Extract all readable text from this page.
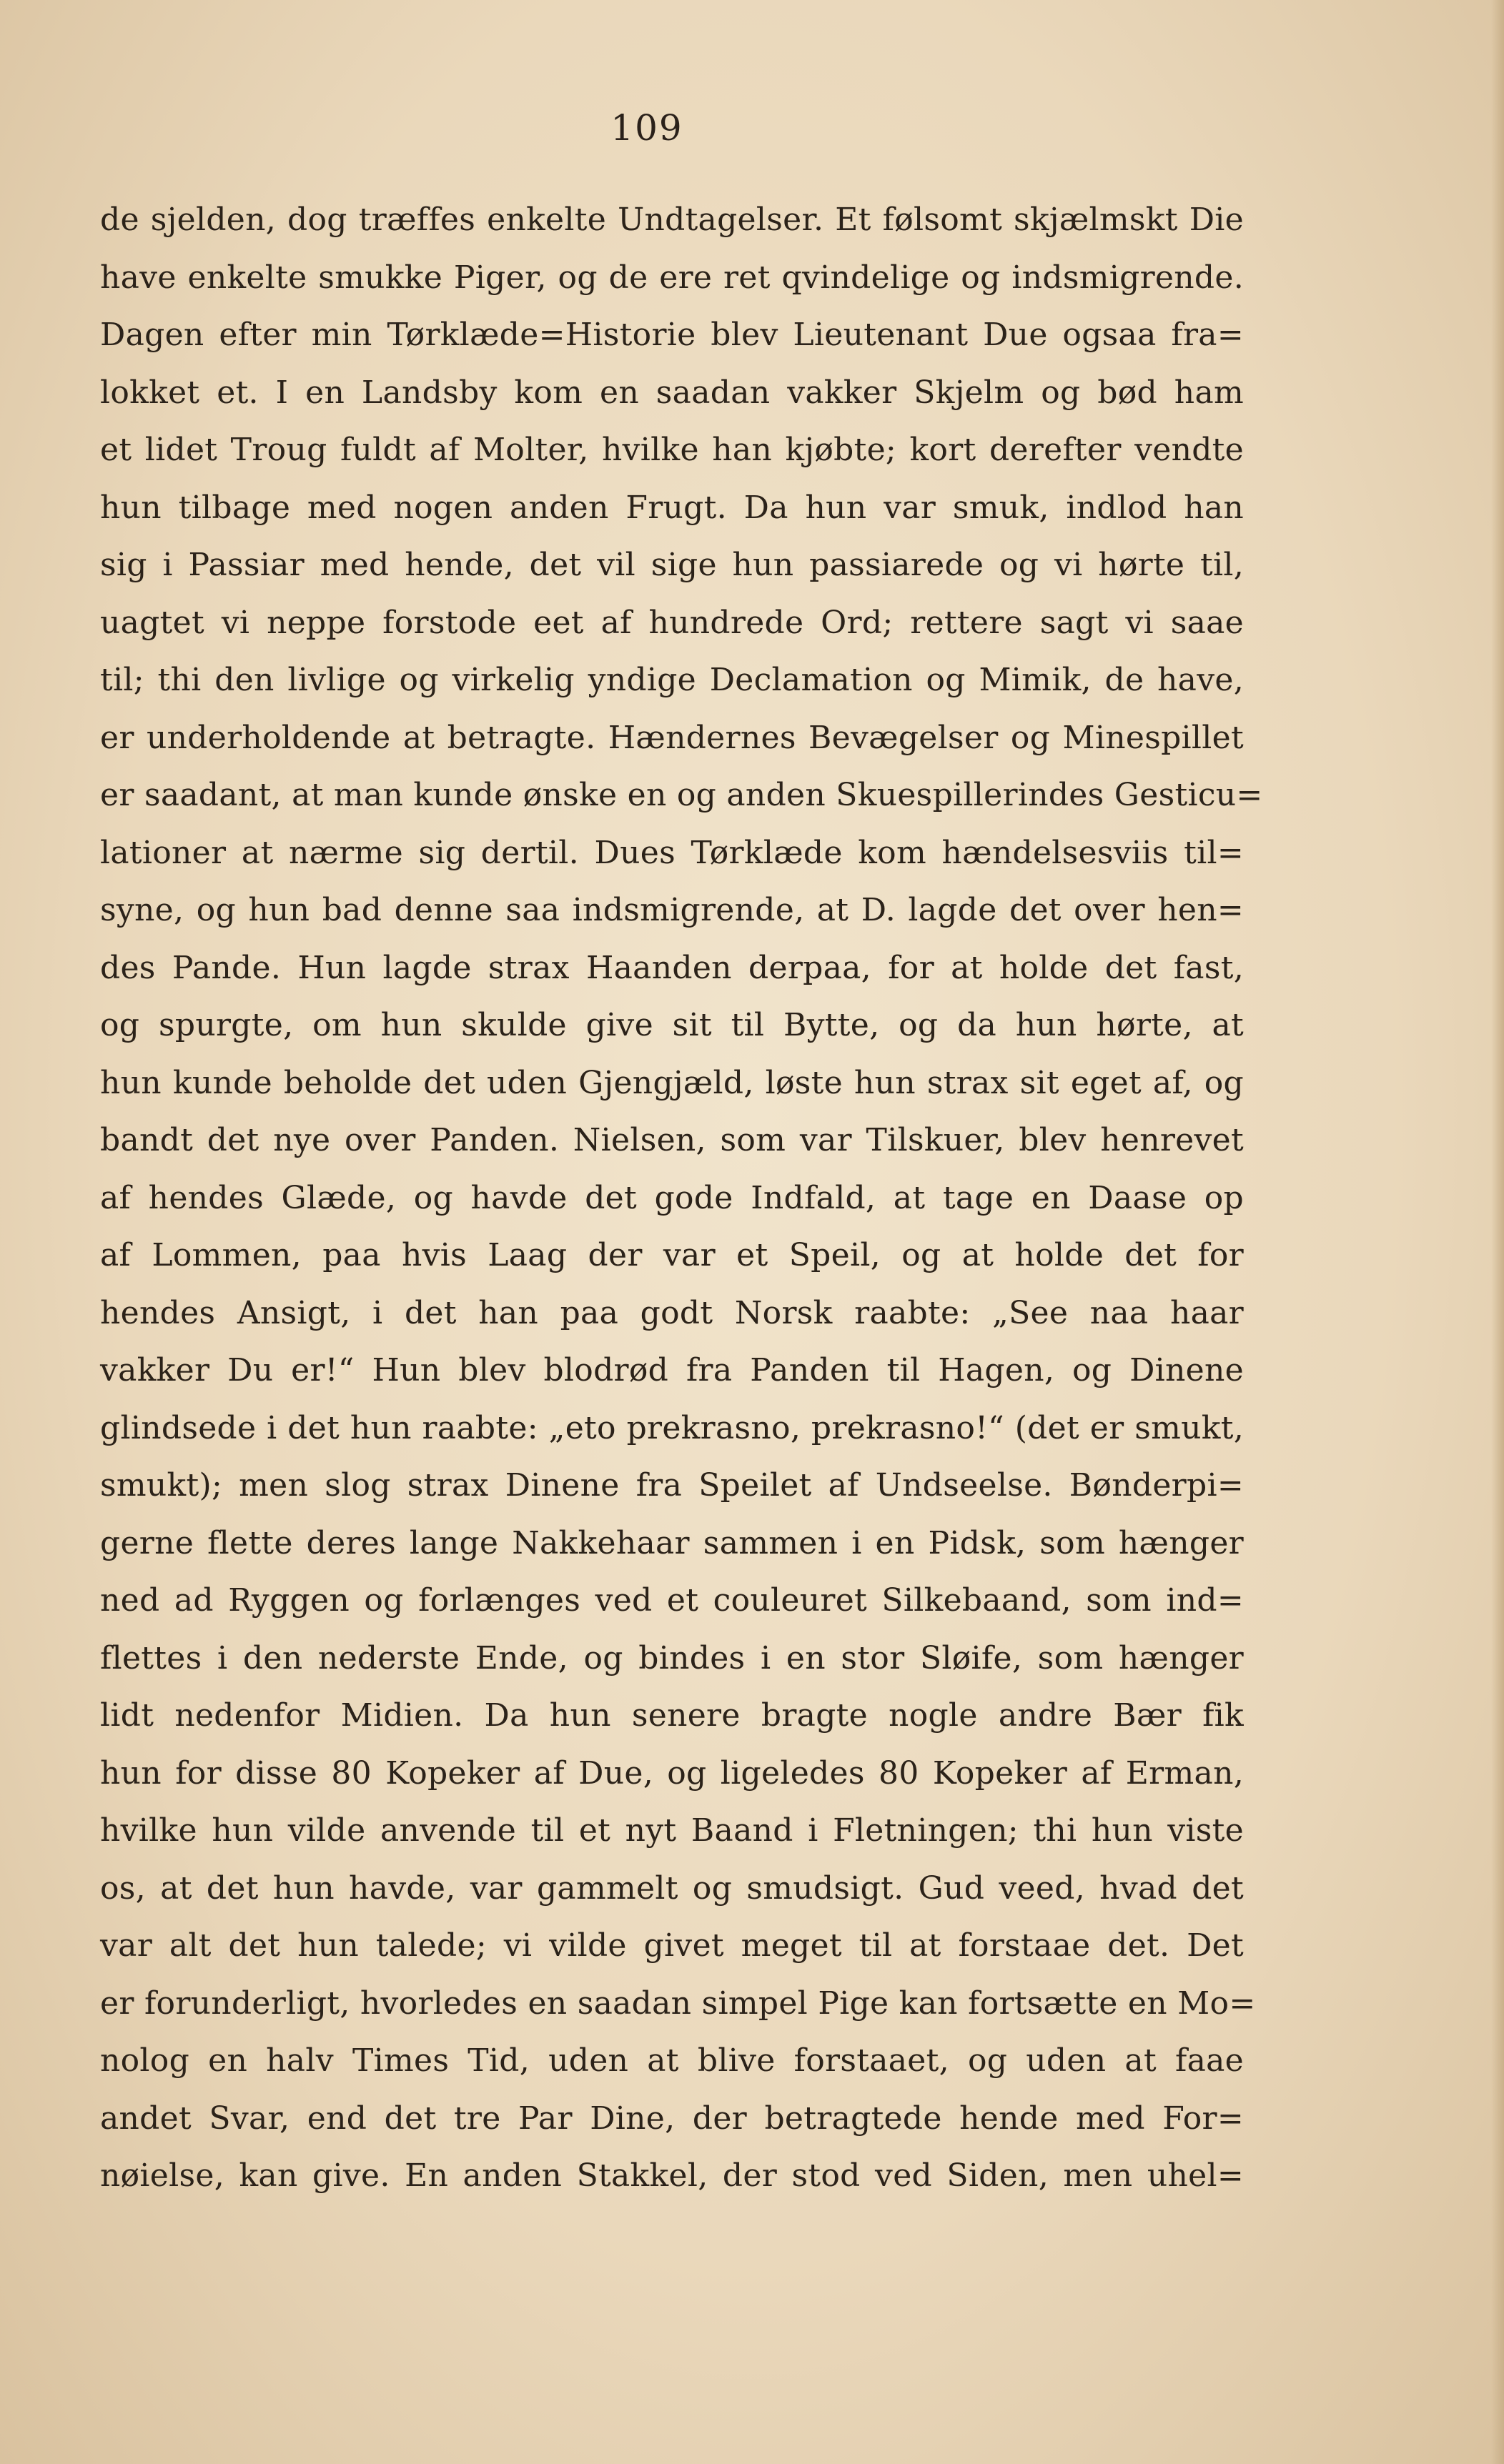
109
de sjelden, dog træffes enkelte Undtagelser. Et følsomt skjælmskt Die
have enkelte smukke Piger, og de ere ret qvindelige og indsmigrende.
Dagen efter min Tørklæde=Historie blev Lieutenant Due ogsaa fra=
lokket et. I en Landsby kom en saadan vakker Skjelm og bød ham
et lidet Troug fuldt af Molter, hvilke han kjøbte; kort derefter vendte
hun tilbage med nogen anden Frugt. Da hun var smuk, indlod han
sig i Passiar med hende, det vil sige hun passiarede og vi hørte til,
uagtet vi neppe forstode eet af hundrede Ord; rettere sagt vi saae
til; thi den livlige og virkelig yndige Declamation og Mimik, de have,
er underholdende at betragte. Hændernes Bevægelser og Minespillet
er saadant, at man kunde ønske en og anden Skuespillerindes Gesticu=
lationer at nærme sig dertil. Dues Tørklæde kom hændelsesviis til=
syne, og hun bad denne saa indsmigrende, at D. lagde det over hen=
des Pande. Hun lagde strax Haanden derpaa, for at holde det fast,
og spurgte, om hun skulde give sit til Bytte, og da hun hørte, at
hun kunde beholde det uden Gjengjæld, løste hun strax sit eget af, og
bandt det nye over Panden. Nielsen, som var Tilskuer, blev henrevet
af hendes Glæde, og havde det gode Indfald, at tage en Daase op
af Lommen, paa hvis Laag der var et Speil, og at holde det for
hendes Ansigt, i det han paa godt Norsk raabte: „See naa haar
vakker Du er!“ Hun blev blodrød fra Panden til Hagen, og Dinene
glindsede i det hun raabte: „eto prekrasno, prekrasno!“ (det er smukt,
smukt); men slog strax Dinene fra Speilet af Undseelse. Bønderpi=
gerne flette deres lange Nakkehaar sammen i en Pidsk, som hænger
ned ad Ryggen og forlænges ved et couleuret Silkebaand, som ind=
flettes i den nederste Ende, og bindes i en stor Sløife, som hænger
lidt nedenfor Midien. Da hun senere bragte nogle andre Bær fik
hun for disse 80 Kopeker af Due, og ligeledes 80 Kopeker af Erman,
hvilke hun vilde anvende til et nyt Baand i Fletningen; thi hun viste
os, at det hun havde, var gammelt og smudsigt. Gud veed, hvad det
var alt det hun talede; vi vilde givet meget til at forstaae det. Det
er forunderligt, hvorledes en saadan simpel Pige kan fortsætte en Mo=
nolog en halv Times Tid, uden at blive forstaaet, og uden at faae
andet Svar, end det tre Par Dine, der betragtede hende med For=
nøielse, kan give. En anden Stakkel, der stod ved Siden, men uhel=
